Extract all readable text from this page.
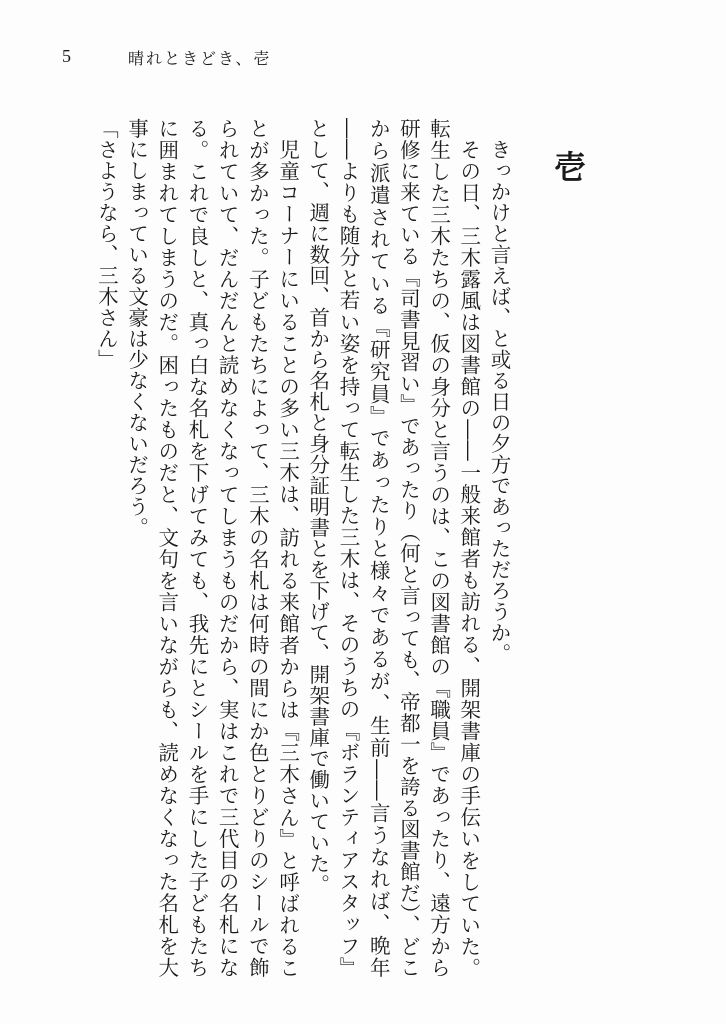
5	晴れときどき、壱
壱

きっかけと言えば、と或る日の夕方であっただろうか。

その日、三木露風は図書館の――一般来館者も訪れる、開架書庫の手伝いをしていた。転生した三木たちの、仮の身分と言うのは、この図書館の『職員』であったり、遠方から研修に来ている『司書見習い』であったり（何と言っても、帝都一を誇る図書館だ）、どこから派遣されている『研究員』であったりと様々であるが、生前――言うなれば、晩年――よりも随分と若い姿を持って転生した三木は、そのうちの『ボランティアスタッフ』として、週に数回、首から名札と身分証明書とを下げて、開架書庫で働いていた。

児童コーナーにいることの多い三木は、訪れる来館者からは『三木さん』と呼ばれることが多かった。子どもたちによって、三木の名札は何時の間にか色とりどりのシールで飾られていて、だんだんと読めなくなってしまうものだから、実はこれで三代目の名札になる。これで良しと、真っ白な名札を下げてみても、我先にとシールを手にした子どもたちに囲まれてしまうのだ。困ったものだと、文句を言いながらも、読めなくなった名札を大事にしまっている文豪は少なくないだろう。

「さようなら、三木さん」
